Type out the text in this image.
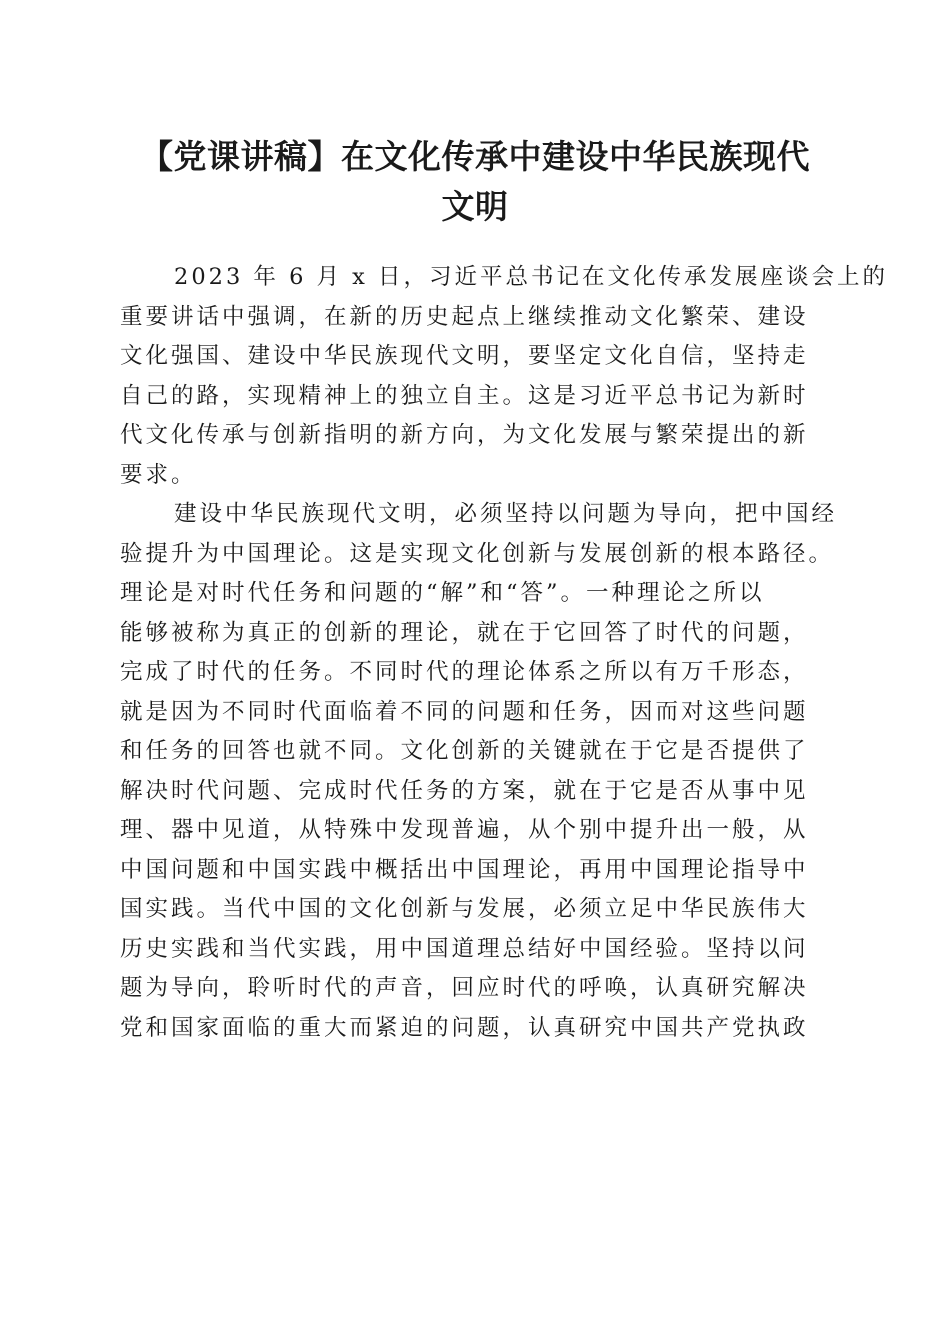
【党课讲稿】在文化传承中建设中华民族现代
文明

2023 年 6 月 x 日，习近平总书记在文化传承发展座谈会上的
重要讲话中强调，在新的历史起点上继续推动文化繁荣、建设
文化强国、建设中华民族现代文明，要坚定文化自信，坚持走
自己的路，实现精神上的独立自主。这是习近平总书记为新时
代文化传承与创新指明的新方向，为文化发展与繁荣提出的新
要求。

建设中华民族现代文明，必须坚持以问题为导向，把中国经
验提升为中国理论。这是实现文化创新与发展创新的根本路径。
理论是对时代任务和问题的“解”和“答”。一种理论之所以
能够被称为真正的创新的理论，就在于它回答了时代的问题，
完成了时代的任务。不同时代的理论体系之所以有万千形态，
就是因为不同时代面临着不同的问题和任务，因而对这些问题
和任务的回答也就不同。文化创新的关键就在于它是否提供了
解决时代问题、完成时代任务的方案，就在于它是否从事中见
理、器中见道，从特殊中发现普遍，从个别中提升出一般，从
中国问题和中国实践中概括出中国理论，再用中国理论指导中
国实践。当代中国的文化创新与发展，必须立足中华民族伟大
历史实践和当代实践，用中国道理总结好中国经验。坚持以问
题为导向，聆听时代的声音，回应时代的呼唤，认真研究解决
党和国家面临的重大而紧迫的问题，认真研究中国共产党执政
